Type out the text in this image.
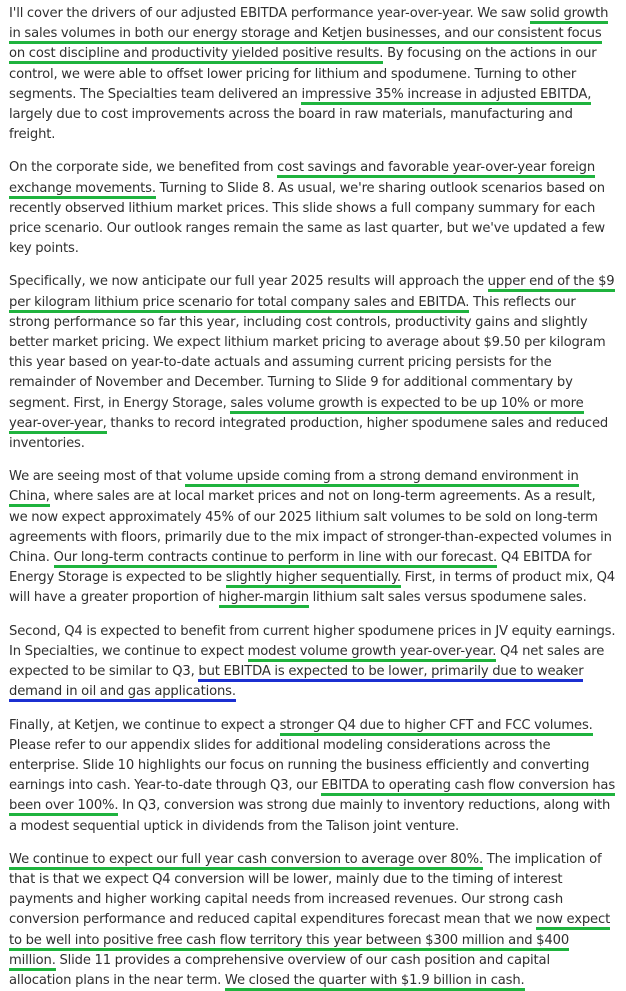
I'll cover the drivers of our adjusted EBITDA performance year-over-year. We saw solid growth in sales volumes in both our energy storage and Ketjen businesses, and our consistent focus on cost discipline and productivity yielded positive results. By focusing on the actions in our control, we were able to offset lower pricing for lithium and spodumene. Turning to other segments. The Specialties team delivered an impressive 35% increase in adjusted EBITDA, largely due to cost improvements across the board in raw materials, manufacturing and freight.

On the corporate side, we benefited from cost savings and favorable year-over-year foreign exchange movements. Turning to Slide 8. As usual, we're sharing outlook scenarios based on recently observed lithium market prices. This slide shows a full company summary for each price scenario. Our outlook ranges remain the same as last quarter, but we've updated a few key points.

Specifically, we now anticipate our full year 2025 results will approach the upper end of the $9 per kilogram lithium price scenario for total company sales and EBITDA. This reflects our strong performance so far this year, including cost controls, productivity gains and slightly better market pricing. We expect lithium market pricing to average about $9.50 per kilogram this year based on year-to-date actuals and assuming current pricing persists for the remainder of November and December. Turning to Slide 9 for additional commentary by segment. First, in Energy Storage, sales volume growth is expected to be up 10% or more year-over-year, thanks to record integrated production, higher spodumene sales and reduced inventories.

We are seeing most of that volume upside coming from a strong demand environment in China, where sales are at local market prices and not on long-term agreements. As a result, we now expect approximately 45% of our 2025 lithium salt volumes to be sold on long-term agreements with floors, primarily due to the mix impact of stronger-than-expected volumes in China. Our long-term contracts continue to perform in line with our forecast. Q4 EBITDA for Energy Storage is expected to be slightly higher sequentially. First, in terms of product mix, Q4 will have a greater proportion of higher-margin lithium salt sales versus spodumene sales.

Second, Q4 is expected to benefit from current higher spodumene prices in JV equity earnings. In Specialties, we continue to expect modest volume growth year-over-year. Q4 net sales are expected to be similar to Q3, but EBITDA is expected to be lower, primarily due to weaker demand in oil and gas applications.

Finally, at Ketjen, we continue to expect a stronger Q4 due to higher CFT and FCC volumes. Please refer to our appendix slides for additional modeling considerations across the enterprise. Slide 10 highlights our focus on running the business efficiently and converting earnings into cash. Year-to-date through Q3, our EBITDA to operating cash flow conversion has been over 100%. In Q3, conversion was strong due mainly to inventory reductions, along with a modest sequential uptick in dividends from the Talison joint venture.

We continue to expect our full year cash conversion to average over 80%. The implication of that is that we expect Q4 conversion will be lower, mainly due to the timing of interest payments and higher working capital needs from increased revenues. Our strong cash conversion performance and reduced capital expenditures forecast mean that we now expect to be well into positive free cash flow territory this year between $300 million and $400 million. Slide 11 provides a comprehensive overview of our cash position and capital allocation plans in the near term. We closed the quarter with $1.9 billion in cash.
